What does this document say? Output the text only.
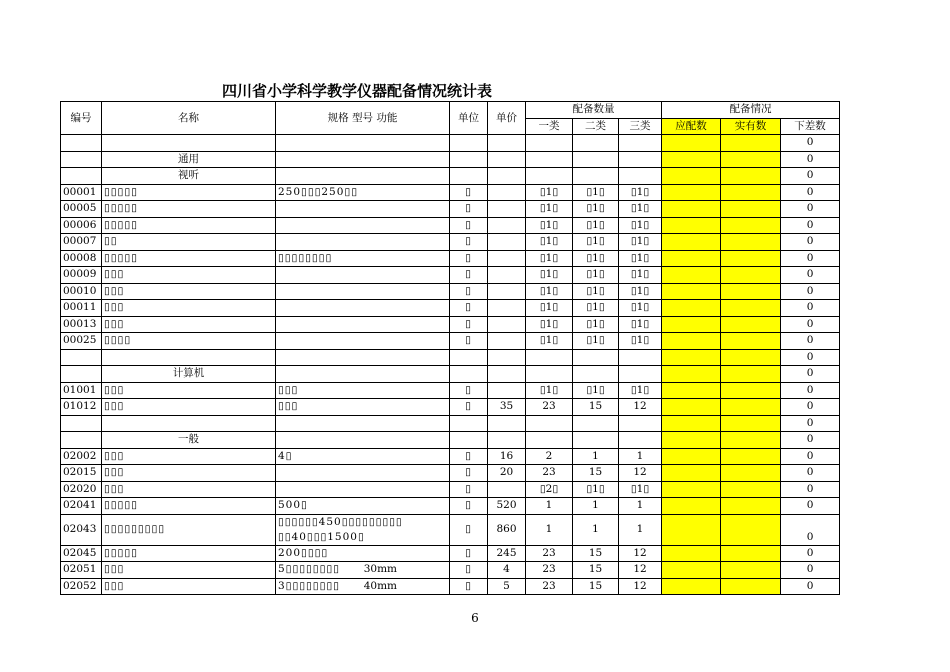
四川省小学科学教学仪器配备情况统计表
编号	名称	规格 型号 功能	单位	单价	配备数量			配备情况		
					一类	二类	三类	应配数	实有数	下差数
										0
	通用									0
	视听									0
00001	▯▯▯▯▯	250▯▯▯250▯▯	▯		▯1▯	▯1▯	▯1▯			0
00005	▯▯▯▯▯		▯		▯1▯	▯1▯	▯1▯			0
00006	▯▯▯▯▯		▯		▯1▯	▯1▯	▯1▯			0
00007	▯▯		▯		▯1▯	▯1▯	▯1▯			0
00008	▯▯▯▯▯	▯▯▯▯▯▯▯▯	▯		▯1▯	▯1▯	▯1▯			0
00009	▯▯▯		▯		▯1▯	▯1▯	▯1▯			0
00010	▯▯▯		▯		▯1▯	▯1▯	▯1▯			0
00011	▯▯▯		▯		▯1▯	▯1▯	▯1▯			0
00013	▯▯▯		▯		▯1▯	▯1▯	▯1▯			0
00025	▯▯▯▯		▯		▯1▯	▯1▯	▯1▯			0
										0
	计算机									0
01001	▯▯▯	▯▯▯	▯		▯1▯	▯1▯	▯1▯			0
01012	▯▯▯	▯▯▯	▯	35	23	15	12			0
										0
	一般									0
02002	▯▯▯	4▯	▯	16	2	1	1			0
02015	▯▯▯		▯	20	23	15	12			0
02020	▯▯▯		▯		▯2▯	▯1▯	▯1▯			0
02041	▯▯▯▯▯	500▯	▯	520	1	1	1			0
02043	▯▯▯▯▯▯▯▯▯	▯▯▯▯▯▯450▯▯▯▯▯▯▯▯▯
▯▯40▯▯▯1500▯	▯	860	1	1	1			0
02045	▯▯▯▯▯	200▯▯▯▯	▯	245	23	15	12			0
02051	▯▯▯	5▯▯▯▯▯▯▯▯ 30mm	▯	4	23	15	12			0
02052	▯▯▯	3▯▯▯▯▯▯▯▯ 40mm	▯	5	23	15	12			0
6
